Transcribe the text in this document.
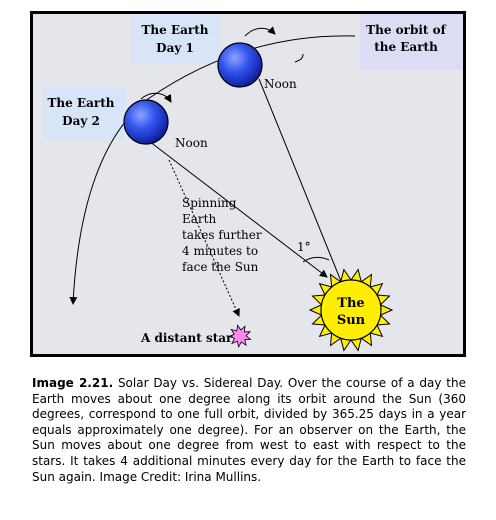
The Earth
Day 1
The Earth
Day 2
The orbit of
the Earth
Noon
Noon
Spinning
Earth
takes further
4 minutes to
face the Sun
1°
The
Sun
A distant star
Image 2.21. Solar Day vs. Sidereal Day. Over the course of a day the Earth moves about one degree along its orbit around the Sun (360 degrees, correspond to one full orbit, divided by 365.25 days in a year equals approximately one degree). For an observer on the Earth, the Sun moves about one degree from west to east with respect to the stars. It takes 4 additional minutes every day for the Earth to face the Sun again. Image Credit: Irina Mullins.
